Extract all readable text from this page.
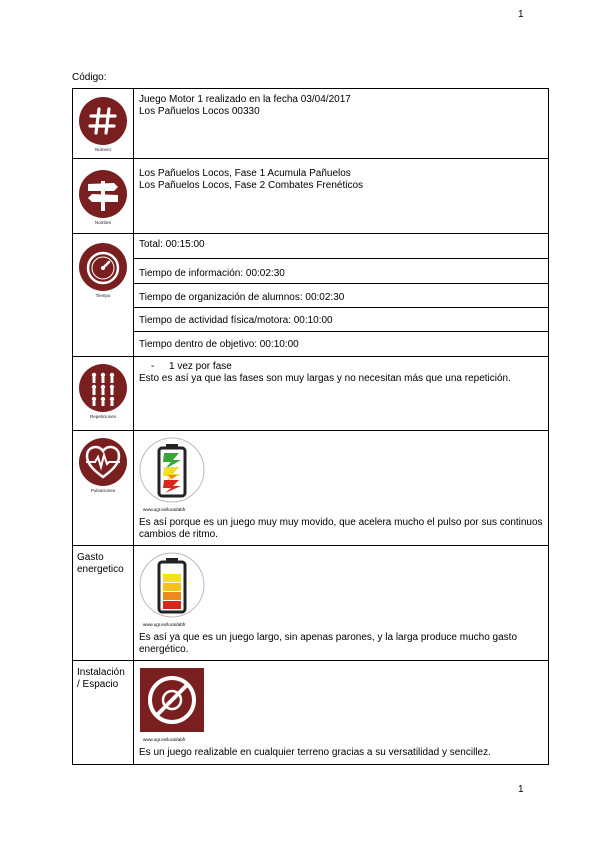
1
Código:
Número	Juego Motor 1 realizado en la fecha 03/04/2017
Los Pañuelos Locos 00330

Nombre	Los Pañuelos Locos, Fase 1 Acumula Pañuelos
Los Pañuelos Locos, Fase 2 Combates Frenéticos

Tiempo	Total: 00:15:00
Tiempo de información: 00:02:30
Tiempo de organización de alumnos: 00:02:30
Tiempo de actividad física/motora: 00:10:00
Tiempo dentro de objetivo: 00:10:00

Repeticiones	- 1 vez por fase
Esto es así ya que las fases son muy largas y no necesitan más que una repetición.

Pulsaciones	www.ugr.es/local/abfr
Es así porque es un juego muy muy movido, que acelera mucho el pulso por sus continuos cambios de ritmo.

Gasto energetico	www.ugr.es/local/abfr
Es así ya que es un juego largo, sin apenas parones, y la larga produce mucho gasto energético.

Instalación / Espacio	www.ugr.es/local/abfr
Es un juego realizable en cualquier terreno gracias a su versatilidad y sencillez.
1
